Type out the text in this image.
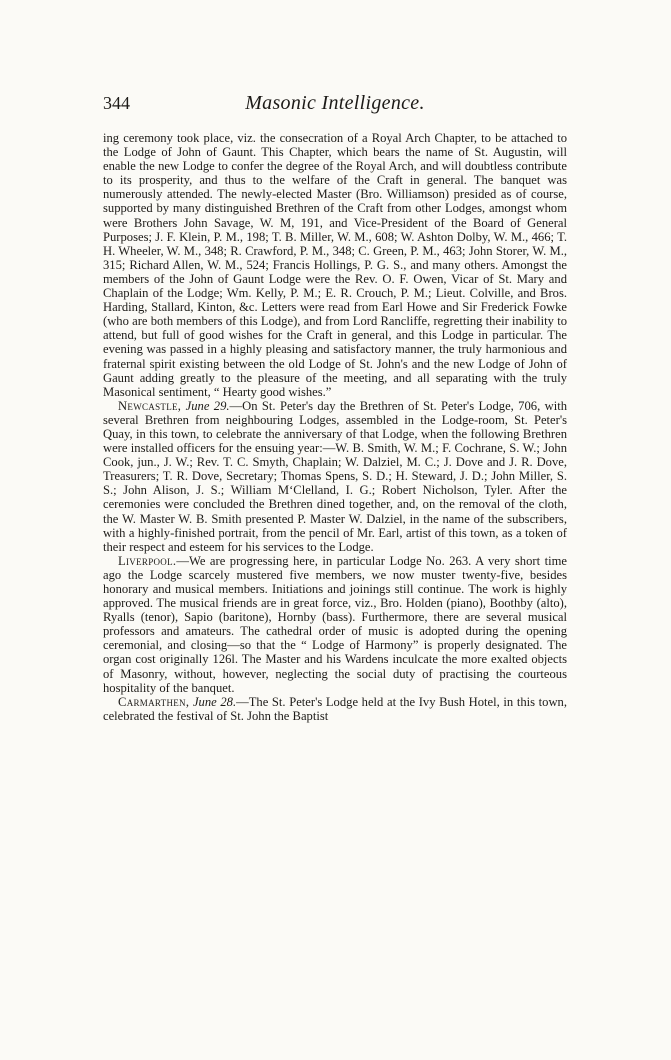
344	Masonic Intelligence.

ing ceremony took place, viz. the consecration of a Royal Arch Chapter, to be attached to the Lodge of John of Gaunt. This Chapter, which bears the name of St. Augustin, will enable the new Lodge to confer the degree of the Royal Arch, and will doubtless contribute to its prosperity, and thus to the welfare of the Craft in general. The banquet was numerously attended. The newly-elected Master (Bro. Williamson) presided as of course, supported by many distinguished Brethren of the Craft from other Lodges, amongst whom were Brothers John Savage, W. M, 191, and Vice-President of the Board of General Purposes; J. F. Klein, P. M., 198; T. B. Miller, W. M., 608; W. Ashton Dolby, W. M., 466; T. H. Wheeler, W. M., 348; R. Crawford, P. M., 348; C. Green, P. M., 463; John Storer, W. M., 315; Richard Allen, W. M., 524; Francis Hollings, P. G. S., and many others. Amongst the members of the John of Gaunt Lodge were the Rev. O. F. Owen, Vicar of St. Mary and Chaplain of the Lodge; Wm. Kelly, P. M.; E. R. Crouch, P. M.; Lieut. Colville, and Bros. Harding, Stallard, Kinton, &c. Letters were read from Earl Howe and Sir Frederick Fowke (who are both members of this Lodge), and from Lord Rancliffe, regretting their inability to attend, but full of good wishes for the Craft in general, and this Lodge in particular. The evening was passed in a highly pleasing and satisfactory manner, the truly harmonious and fraternal spirit existing between the old Lodge of St. John's and the new Lodge of John of Gaunt adding greatly to the pleasure of the meeting, and all separating with the truly Masonical sentiment, “ Hearty good wishes.”

Newcastle, June 29.—On St. Peter's day the Brethren of St. Peter's Lodge, 706, with several Brethren from neighbouring Lodges, assembled in the Lodge-room, St. Peter's Quay, in this town, to celebrate the anniversary of that Lodge, when the following Brethren were installed officers for the ensuing year:—W. B. Smith, W. M.; F. Cochrane, S. W.; John Cook, jun., J. W.; Rev. T. C. Smyth, Chaplain; W. Dalziel, M. C.; J. Dove and J. R. Dove, Treasurers; T. R. Dove, Secretary; Thomas Spens, S. D.; H. Steward, J. D.; John Miller, S. S.; John Alison, J. S.; William M‘Clelland, I. G.; Robert Nicholson, Tyler. After the ceremonies were concluded the Brethren dined together, and, on the removal of the cloth, the W. Master W. B. Smith presented P. Master W. Dalziel, in the name of the subscribers, with a highly-finished portrait, from the pencil of Mr. Earl, artist of this town, as a token of their respect and esteem for his services to the Lodge.

Liverpool.—We are progressing here, in particular Lodge No. 263. A very short time ago the Lodge scarcely mustered five members, we now muster twenty-five, besides honorary and musical members. Initiations and joinings still continue. The work is highly approved. The musical friends are in great force, viz., Bro. Holden (piano), Boothby (alto), Ryalls (tenor), Sapio (baritone), Hornby (bass). Furthermore, there are several musical professors and amateurs. The cathedral order of music is adopted during the opening ceremonial, and closing—so that the “ Lodge of Harmony” is properly designated. The organ cost originally 126l. The Master and his Wardens inculcate the more exalted objects of Masonry, without, however, neglecting the social duty of practising the courteous hospitality of the banquet.

Carmarthen, June 28.—The St. Peter's Lodge held at the Ivy Bush Hotel, in this town, celebrated the festival of St. John the Baptist
